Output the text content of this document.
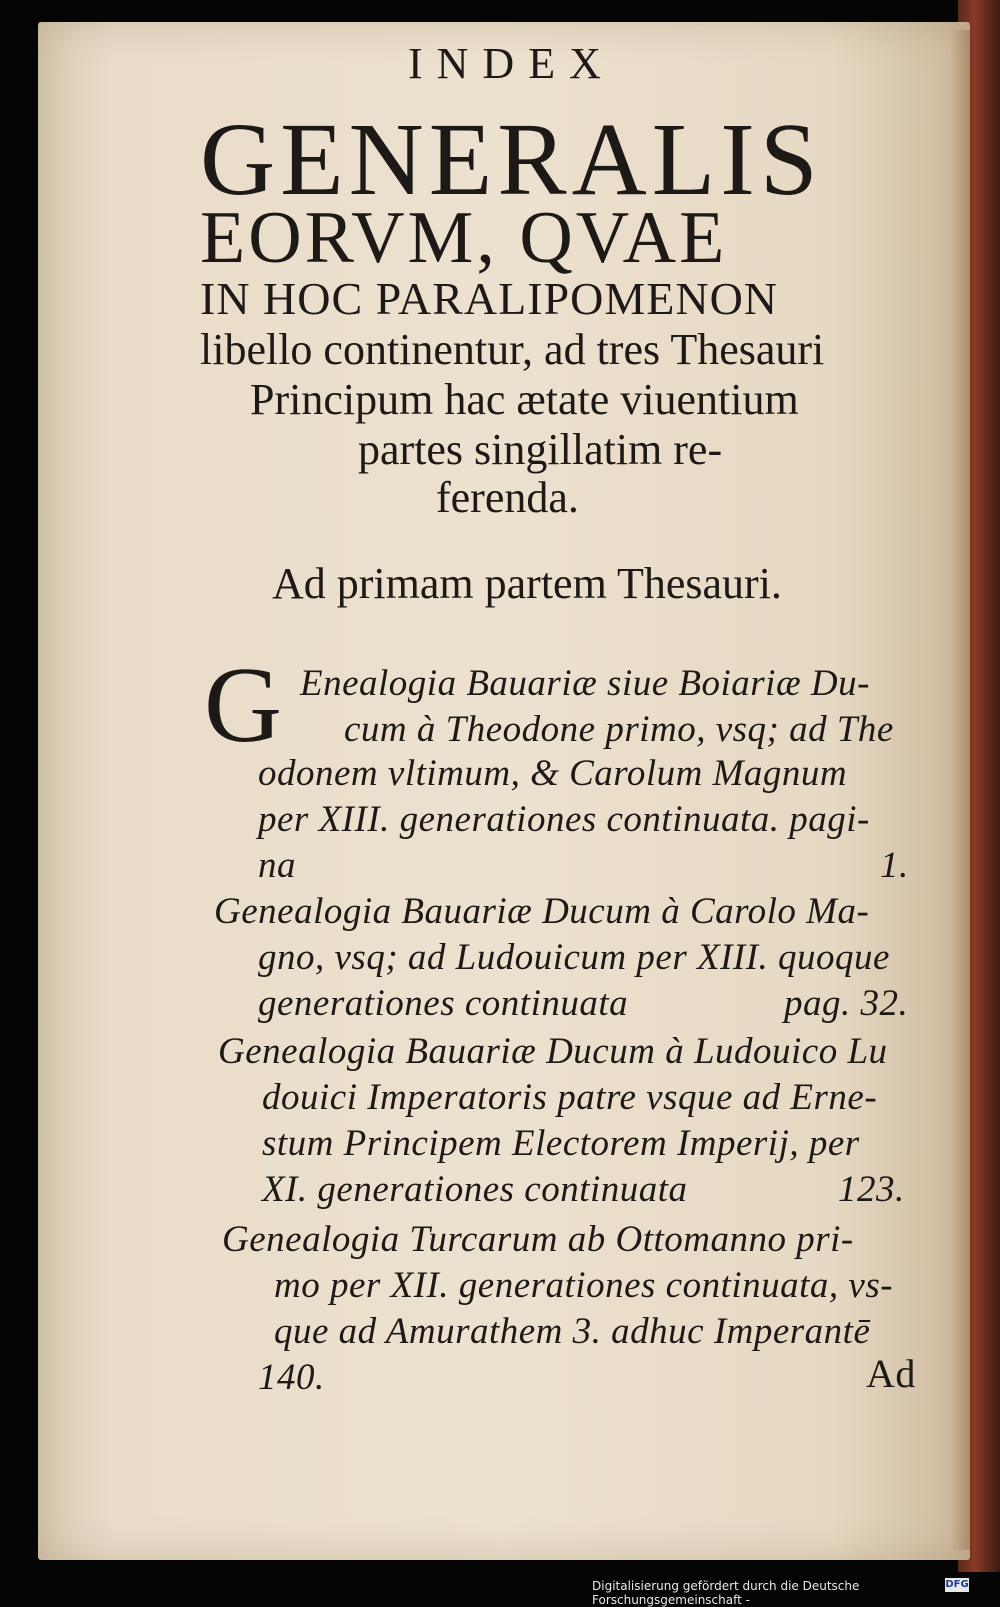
INDEX
GENERALIS
EORVM, QVAE
IN HOC PARALIPOMENON
libello continentur, ad tres Thesauri
Principum hac ætate viuentium
partes singillatim re-
ferenda.
Ad primam partem Thesauri.
G Enealogia Bauariæ siue Boiariæ Du-
cum à Theodone primo, vsq; ad The
odonem vltimum, & Carolum Magnum
per XIII. generationes continuata. pagi-
na	1.
Genealogia Bauariæ Ducum à Carolo Ma-
gno, vsq; ad Ludouicum per XIII. quoque
generationes continuata	pag. 32.
Genealogia Bauariæ Ducum à Ludouico Lu
douici Imperatoris patre vsque ad Erne-
stum Principem Electorem Imperij, per
XI. generationes continuata	123.
Genealogia Turcarum ab Ottomanno pri-
mo per XII. generationes continuata, vs-
que ad Amurathem 3. adhuc Imperantē
140.	Ad
Digitalisierung gefördert durch die Deutsche Forschungsgemeinschaft -
DFG
